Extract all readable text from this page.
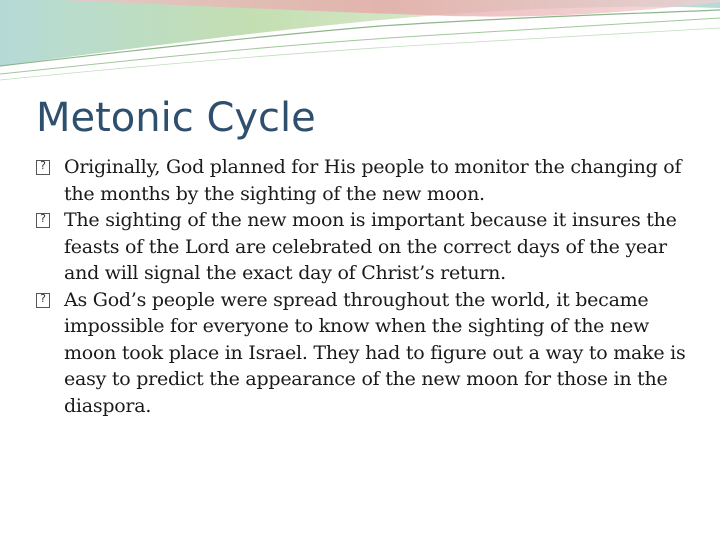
Metonic Cycle

?
Originally, God planned for His people to monitor the changing of the months by the sighting of the new moon.

?
The sighting of the new moon is important because it insures the feasts of the Lord are celebrated on the correct days of the year and will signal the exact day of Christ’s return.

?
As God’s people were spread throughout the world, it became impossible for everyone to know when the sighting of the new moon took place in Israel. They had to figure out a way to make is easy to predict the appearance of the new moon for those in the diaspora.
